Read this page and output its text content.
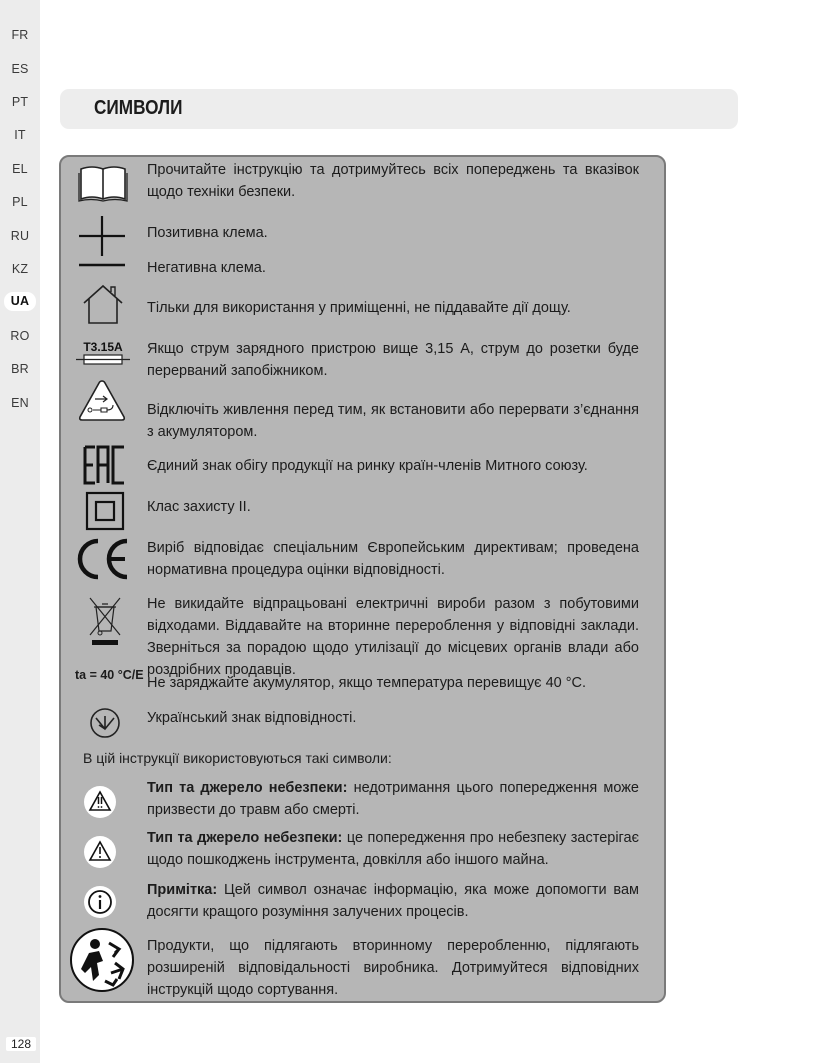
FR
ES
PT
IT
EL
PL
RU
KZ
UA
RO
BR
EN
128
СИМВОЛИ
Прочитайте інструкцію та дотримуйтесь всіх попереджень та вказівок щодо техніки безпеки.
Позитивна клема.
Негативна клема.
Тільки для використання у приміщенні, не піддавайте дії дощу.
T3.15A Якщо струм зарядного пристрою вище 3,15 A, струм до розетки буде перерваний запобіжником.
Відключіть живлення перед тим, як встановити або перервати з’єднання з акумулятором.
Єдиний знак обігу продукції на ринку країн-членів Митного союзу.
Клас захисту II.
Виріб відповідає спеціальним Європейським директивам; проведена нормативна процедура оцінки відповідності.
Не викидайте відпрацьовані електричні вироби разом з побутовими відходами. Віддавайте на вторинне перероблення у відповідні заклади. Зверніться за порадою щодо утилізації до місцевих органів влади або роздрібних продавців.
ta = 40 °C/E Не заряджайте акумулятор, якщо температура перевищує 40 °C.
Український знак відповідності.
В цій інструкції використовуються такі символи:
Тип та джерело небезпеки: недотримання цього попередження може призвести до травм або смерті.
Тип та джерело небезпеки: це попередження про небезпеку застерігає щодо пошкоджень інструмента, довкілля або іншого майна.
Примітка: Цей символ означає інформацію, яка може допомогти вам досягти кращого розуміння залучених процесів.
Продукти, що підлягають вторинному переробленню, підлягають розширеній відповідальності виробника. Дотримуйтеся відповідних інструкцій щодо сортування.
